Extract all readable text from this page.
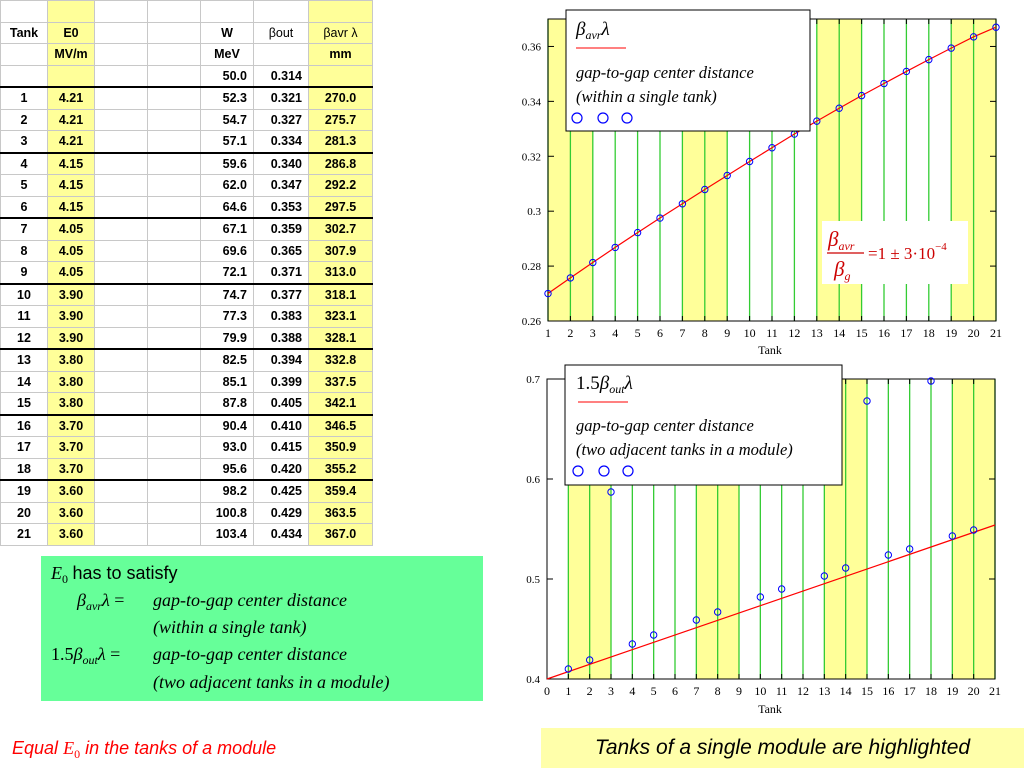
Tank	E0			W	βout	βavr λ
	MV/m			MeV		mm
				50.0	0.314	
1	4.21			52.3	0.321	270.0
2	4.21			54.7	0.327	275.7
3	4.21			57.1	0.334	281.3
4	4.15			59.6	0.340	286.8
5	4.15			62.0	0.347	292.2
6	4.15			64.6	0.353	297.5
7	4.05			67.1	0.359	302.7
8	4.05			69.6	0.365	307.9
9	4.05			72.1	0.371	313.0
10	3.90			74.7	0.377	318.1
11	3.90			77.3	0.383	323.1
12	3.90			79.9	0.388	328.1
13	3.80			82.5	0.394	332.8
14	3.80			85.1	0.399	337.5
15	3.80			87.8	0.405	342.1
16	3.70			90.4	0.410	346.5
17	3.70			93.0	0.415	350.9
18	3.70			95.6	0.420	355.2
19	3.60			98.2	0.425	359.4
20	3.60			100.8	0.429	363.5
21	3.60			103.4	0.434	367.0
1 2 3 4 5 6 7 8 9 10 11 12 13 14 15 16 17 18 19 20 21
0.26
0.28
0.3
0.32
0.34
0.36
Tank
$\beta_{avr}\lambda$
gap-to-gap center distance
(within a single tank)
βavr
βg
$=1 \pm 3\cdot 10^{-4}$
0 1 2 3 4 5 6 7 8 9 10 11 12 13 14 15 16 17 18 19 20 21
0.4
0.5
0.6
0.7
Tank
$1.5\beta_{out}\lambda$
gap-to-gap center distance
(two adjacent tanks in a module)
$E_0$ has to satisfy
$\beta_{avr}\lambda = gap-to-gap$ center distance
(within a single tank)
$1.5\beta_{out}\lambda = gap-to-gap$ center distance
(two adjacent tanks in a module)
Equal $E_0$ in the tanks of a module	Tanks of a single module are highlighted
